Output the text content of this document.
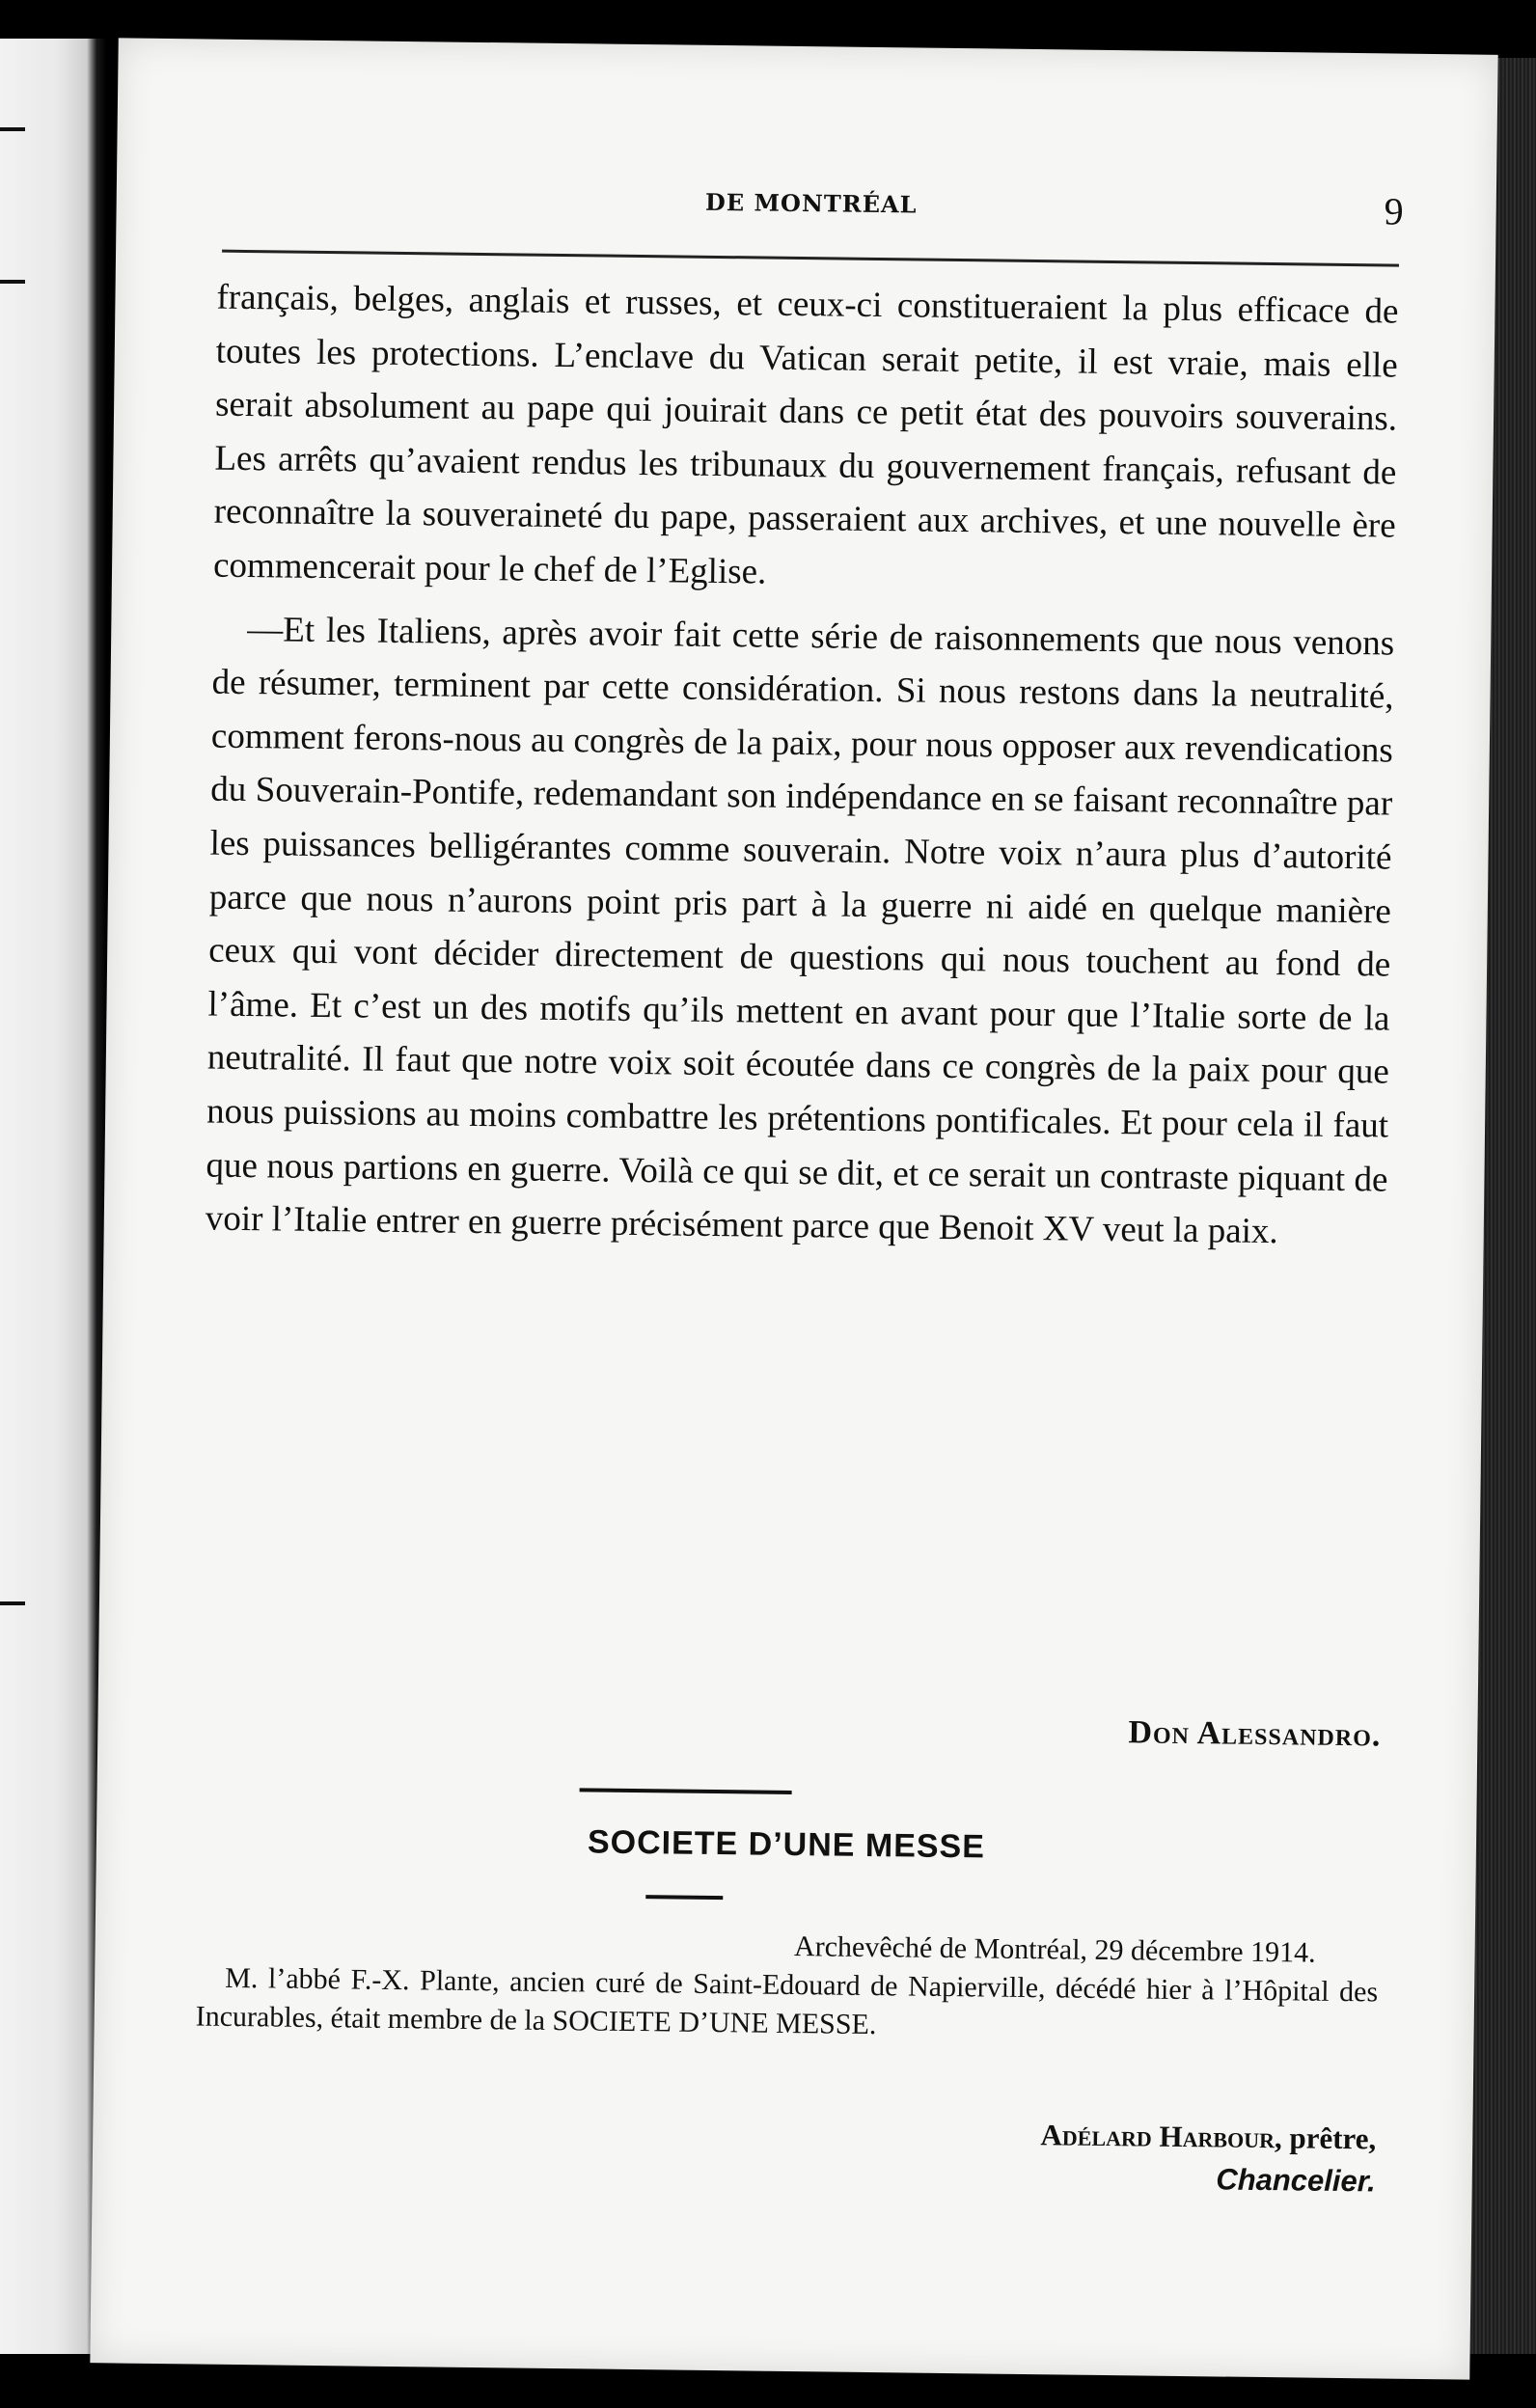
DE MONTRÉAL	9

français, belges, anglais et russes, et ceux-ci constitueraient la plus efficace de toutes les protections. L’enclave du Vatican serait petite, il est vraie, mais elle serait absolument au pape qui jouirait dans ce petit état des pouvoirs souverains. Les arrêts qu’avaient rendus les tribunaux du gouvernement français, refusant de reconnaître la souveraineté du pape, passeraient aux archives, et une nouvelle ère commencerait pour le chef de l’Eglise.

—Et les Italiens, après avoir fait cette série de raisonnements que nous venons de résumer, terminent par cette considération. Si nous restons dans la neutralité, comment ferons-nous au congrès de la paix, pour nous opposer aux revendications du Souverain-Pontife, redemandant son indépendance en se faisant reconnaître par les puissances belligérantes comme souverain. Notre voix n’aura plus d’autorité parce que nous n’aurons point pris part à la guerre ni aidé en quelque manière ceux qui vont décider directement de questions qui nous touchent au fond de l’âme. Et c’est un des motifs qu’ils mettent en avant pour que l’Italie sorte de la neutralité. Il faut que notre voix soit écoutée dans ce congrès de la paix pour que nous puissions au moins combattre les prétentions pontificales. Et pour cela il faut que nous partions en guerre. Voilà ce qui se dit, et ce serait un contraste piquant de voir l’Italie entrer en guerre précisément parce que Benoit XV veut la paix.

Don Alessandro.
SOCIETE D’UNE MESSE
Archevêché de Montréal, 29 décembre 1914.
M. l’abbé F.-X. Plante, ancien curé de Saint-Edouard de Napierville, décédé hier à l’Hôpital des Incurables, était membre de la SOCIETE D’UNE MESSE.
Adélard Harbour, prêtre,
Chancelier.
